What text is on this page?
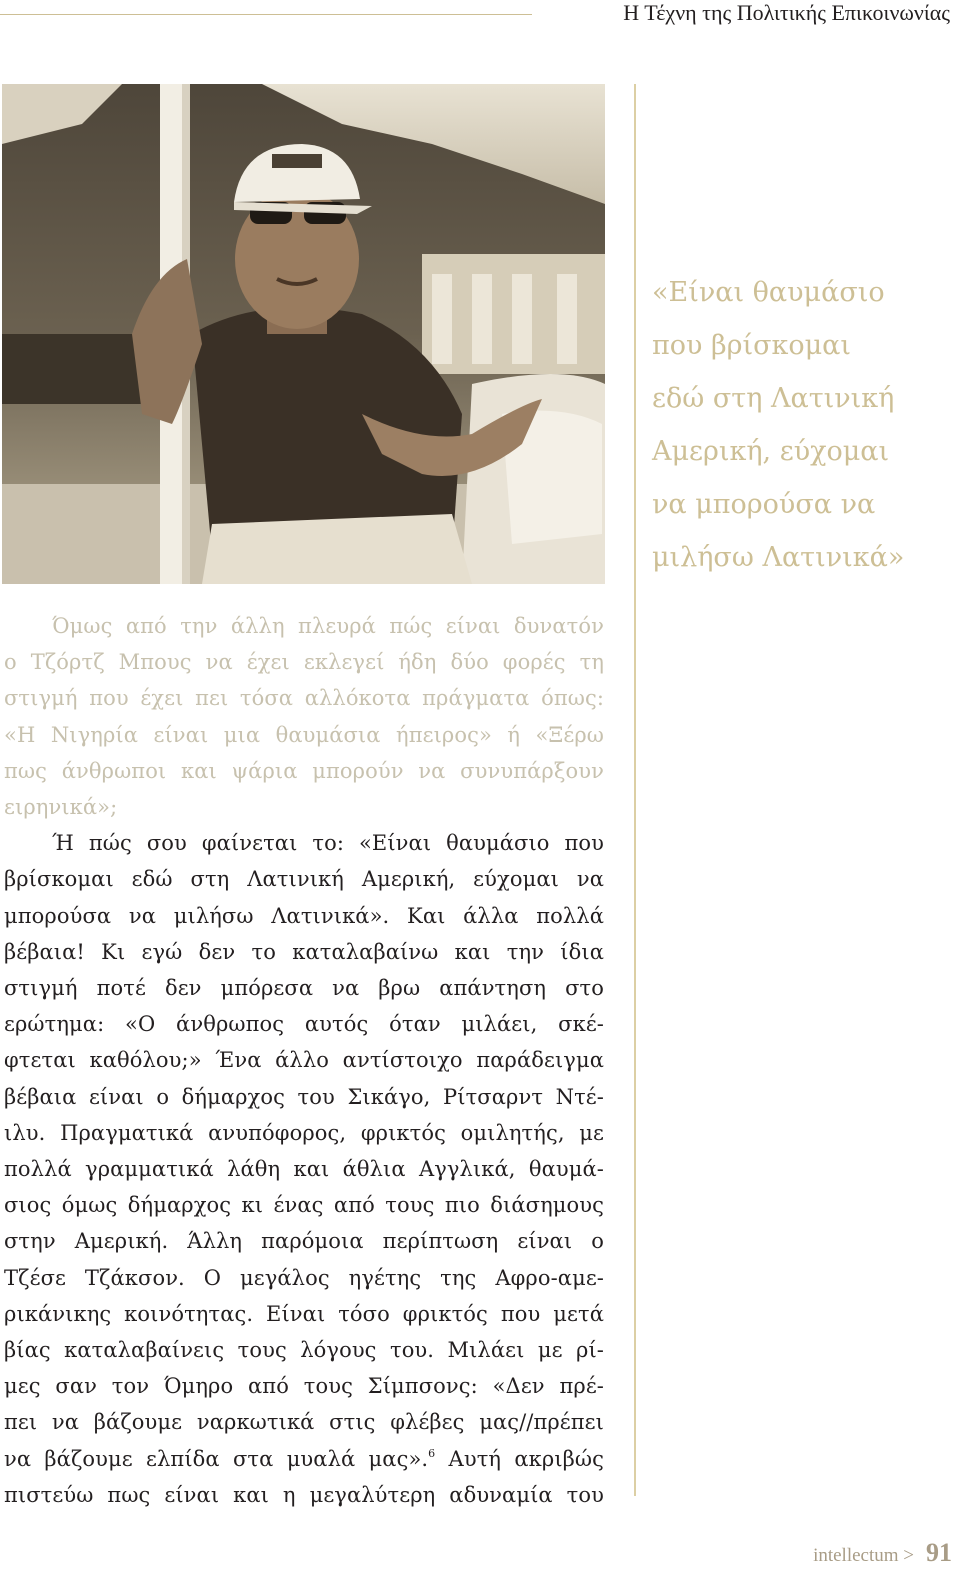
Η Τέχνη της Πολιτικής Επικοινωνίας
«Είναι θαυμάσιο
που βρίσκομαι
εδώ στη Λατινική
Αμερική, εύχομαι
να μπορούσα να
μιλήσω Λατινικά»
Όμως από την άλλη πλευρά πώς είναι δυνατόν
ο Τζόρτζ Μπους να έχει εκλεγεί ήδη δύο φορές τη
στιγμή που έχει πει τόσα αλλόκοτα πράγματα όπως:
«Η Νιγηρία είναι μια θαυμάσια ήπειρος» ή «Ξέρω
πως άνθρωποι και ψάρια μπορούν να συνυπάρξουν
ειρηνικά»;
Ή πώς σου φαίνεται το: «Είναι θαυμάσιο που
βρίσκομαι εδώ στη Λατινική Αμερική, εύχομαι να
μπορούσα να μιλήσω Λατινικά». Και άλλα πολλά
βέβαια! Κι εγώ δεν το καταλαβαίνω και την ίδια
στιγμή ποτέ δεν μπόρεσα να βρω απάντηση στο
ερώτημα: «Ο άνθρωπος αυτός όταν μιλάει, σκέ-
φτεται καθόλου;» Ένα άλλο αντίστοιχο παράδειγμα
βέβαια είναι ο δήμαρχος του Σικάγο, Ρίτσαρντ Ντέ-
ιλυ. Πραγματικά ανυπόφορος, φρικτός ομιλητής, με
πολλά γραμματικά λάθη και άθλια Αγγλικά, θαυμά-
σιος όμως δήμαρχος κι ένας από τους πιο διάσημους
στην Αμερική. Άλλη παρόμοια περίπτωση είναι ο
Τζέσε Τζάκσον. Ο μεγάλος ηγέτης της Αφρο-αμε-
ρικάνικης κοινότητας. Είναι τόσο φρικτός που μετά
βίας καταλαβαίνεις τους λόγους του. Μιλάει με ρί-
μες σαν τον Όμηρο από τους Σίμπσονς: «Δεν πρέ-
πει να βάζουμε ναρκωτικά στις φλέβες μας//πρέπει
να βάζουμε ελπίδα στα μυαλά μας».$^6$ Αυτή ακριβώς
πιστεύω πως είναι και η μεγαλύτερη αδυναμία του
intellectum > 91
